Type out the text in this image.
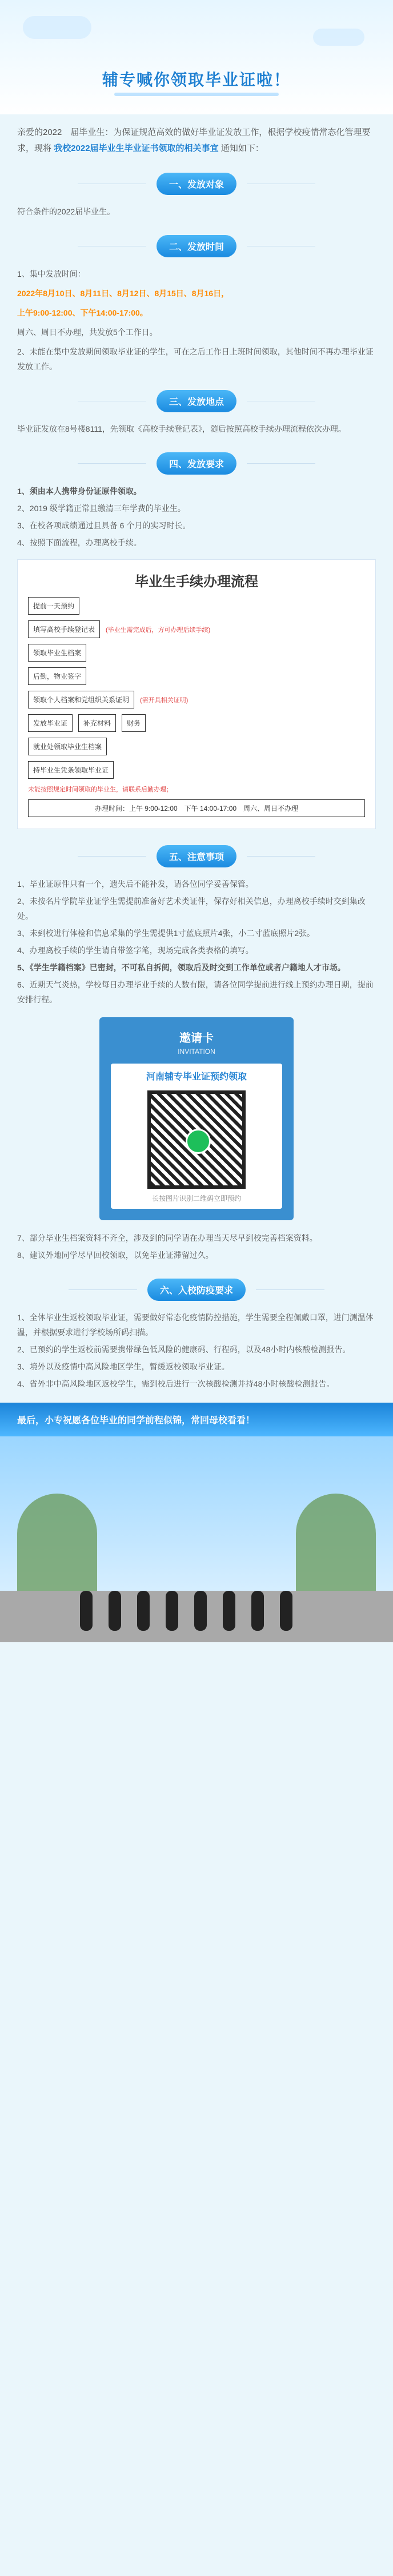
辅专喊你领取毕业证啦！
亲爱的2022　届毕业生：为保证规范高效的做好毕业证发放工作，根据学校疫情常态化管理要求，现将 我校2022届毕业生毕业证书领取的相关事宜 通知如下：
一、发放对象
符合条件的2022届毕业生。
二、发放时间
1、集中发放时间：
2022年8月10日、8月11日、8月12日、8月15日、8月16日，
上午9:00-12:00、下午14:00-17:00。
周六、周日不办理，共发放5个工作日。
2、未能在集中发放期间领取毕业证的学生，可在之后工作日上班时间领取，其他时间不再办理毕业证发放工作。
三、发放地点
毕业证发放在8号楼8111，先领取《高校手续登记表》，随后按照高校手续办理流程依次办理。
四、发放要求
1、须由本人携带身份证原件领取。
2、2019 级学籍正常且缴清三年学费的毕业生。
3、在校各项成绩通过且具备 6 个月的实习时长。
4、按照下面流程，办理离校手续。
毕业生手续办理流程
提前一天预约
填写高校手续登记表	(毕业生需完成后，方可办理后续手续)
领取毕业生档案
后勤，物业签字
领取个人档案和党组织关系证明	(需开具相关证明)
发放毕业证	补充材料	财务
就业处领取毕业生档案
持毕业生凭条领取毕业证
未能按照规定时间领取的毕业生，请联系后勤办理；
办理时间：上午 9:00-12:00　下午 14:00-17:00　周六、周日不办理
五、注意事项
1、毕业证原件只有一个，遗失后不能补发，请各位同学妥善保管。
2、未按名片学院毕业证学生需提前准备好艺术类证件，保存好相关信息，办理离校手续时交到集改处。
3、未到校进行体检和信息采集的学生需提供1寸蓝底照片4张，小二寸蓝底照片2张。
4、办理离校手续的学生请自带签字笔，现场完成各类表格的填写。
5、《学生学籍档案》已密封，不可私自拆阅，领取后及时交到工作单位或者户籍地人才市场。
6、近期天气炎热，学校每日办理毕业手续的人数有限，请各位同学提前进行线上预约办理日期，提前安排行程。
邀请卡
INVITATION
河南辅专毕业证预约领取
长按图片识别二维码立即预约
7、部分毕业生档案资料不齐全，涉及到的同学请在办理当天尽早到校完善档案资料。
8、建议外地同学尽早回校领取，以免毕业证滞留过久。
六、入校防疫要求
1、全体毕业生返校领取毕业证，需要做好常态化疫情防控措施，学生需要全程佩戴口罩，进门测温体温，并根据要求进行学校场所码扫描。
2、已预约的学生返校前需要携带绿色低风险的健康码、行程码，以及48小时内核酸检测报告。
3、境外以及疫情中高风险地区学生，暂缓返校领取毕业证。
4、省外非中高风险地区返校学生，需到校后进行一次核酸检测并持48小时核酸检测报告。
最后，小专祝愿各位毕业的同学前程似锦，常回母校看看！
